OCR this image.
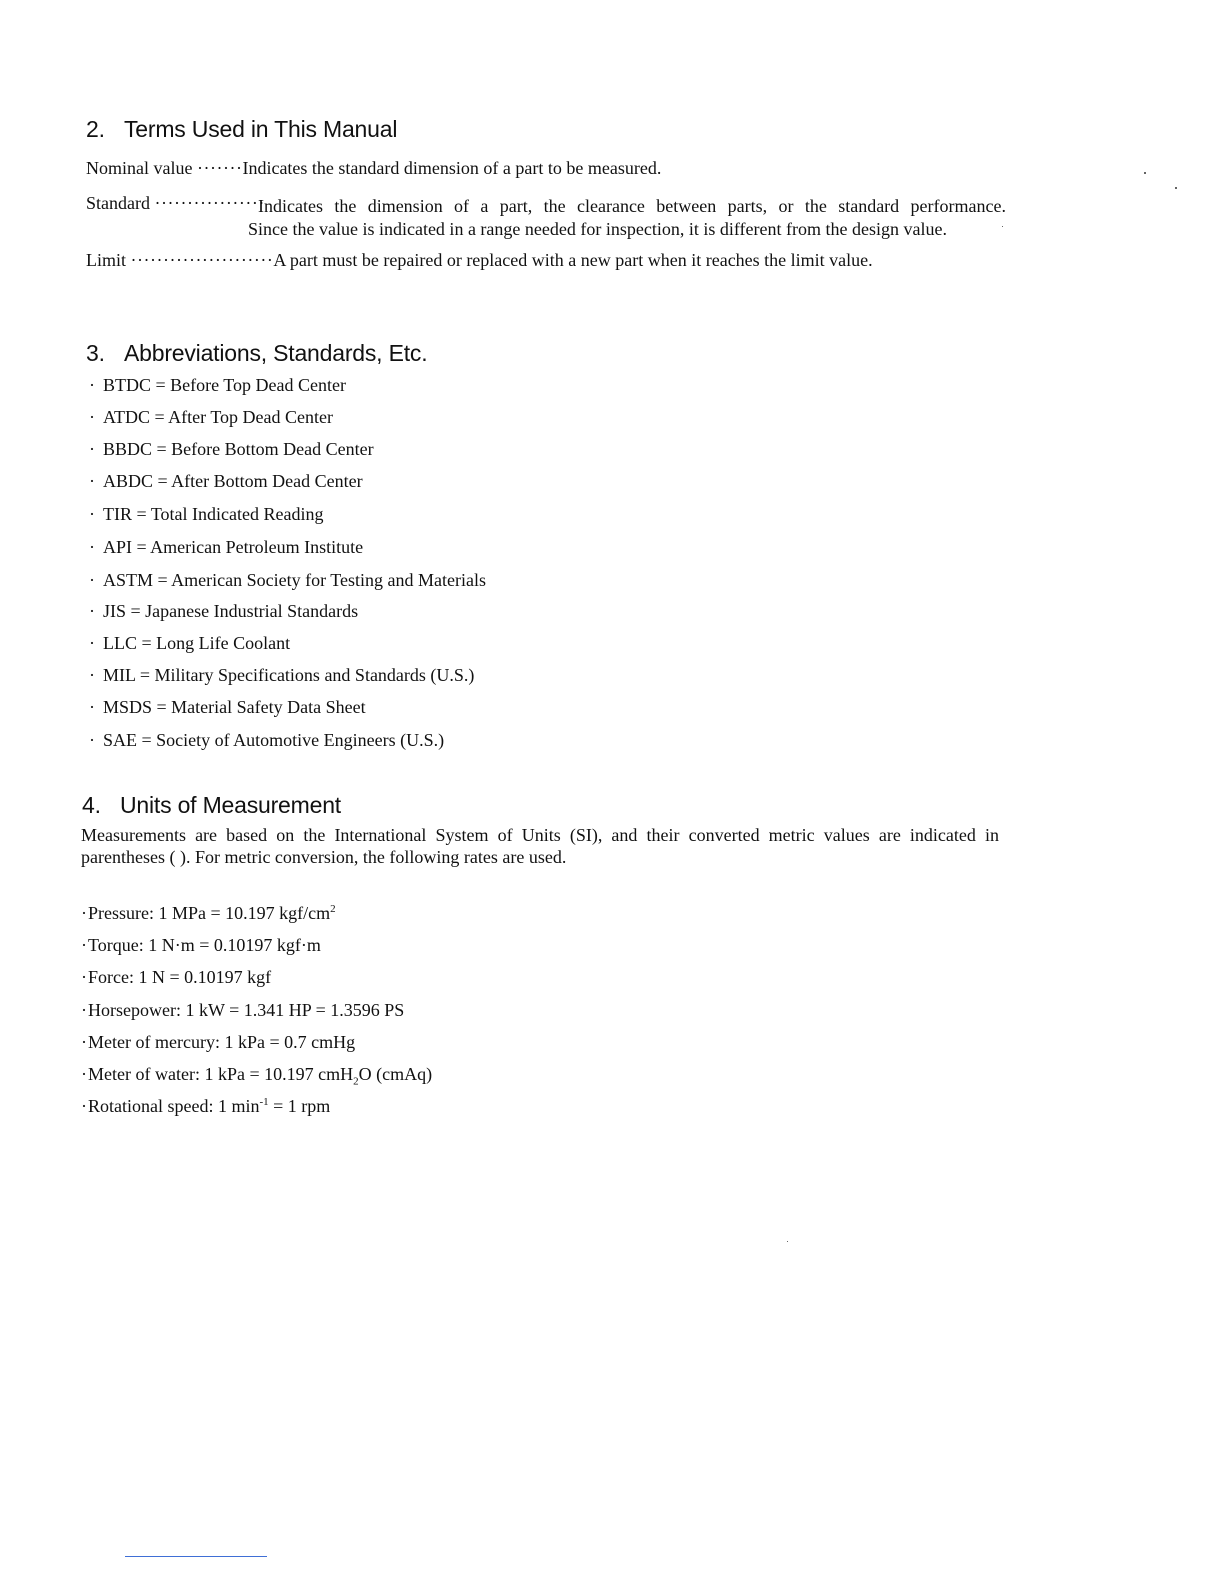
2. Terms Used in This Manual
Nominal value ·······Indicates the standard dimension of a part to be measured.
Standard ·················
Indicates the dimension of a part, the clearance between parts, or the standard performance.
Since the value is indicated in a range needed for inspection, it is different from the design value.
Limit ······················A part must be repaired or replaced with a new part when it reaches the limit value.
3. Abbreviations, Standards, Etc.
· BTDC = Before Top Dead Center
· ATDC = After Top Dead Center
· BBDC = Before Bottom Dead Center
· ABDC = After Bottom Dead Center
· TIR = Total Indicated Reading
· API = American Petroleum Institute
· ASTM = American Society for Testing and Materials
· JIS = Japanese Industrial Standards
· LLC = Long Life Coolant
· MIL = Military Specifications and Standards (U.S.)
· MSDS = Material Safety Data Sheet
· SAE = Society of Automotive Engineers (U.S.)
4. Units of Measurement
Measurements are based on the International System of Units (SI), and their converted metric values are indicated in
parentheses ( ). For metric conversion, the following rates are used.
·Pressure: 1 MPa = 10.197 kgf/$cm^2$
·Torque: 1 N·m = 0.10197 kgf·m
·Force: 1 N = 0.10197 kgf
·Horsepower: 1 kW = 1.341 HP = 1.3596 PS
·Meter of mercury: 1 kPa = 0.7 cmHg
·Meter of water: 1 kPa = 10.197 cmH$_2$O (cmAq)
·Rotational speed: 1 $\min^{-1} = 1$ rpm
